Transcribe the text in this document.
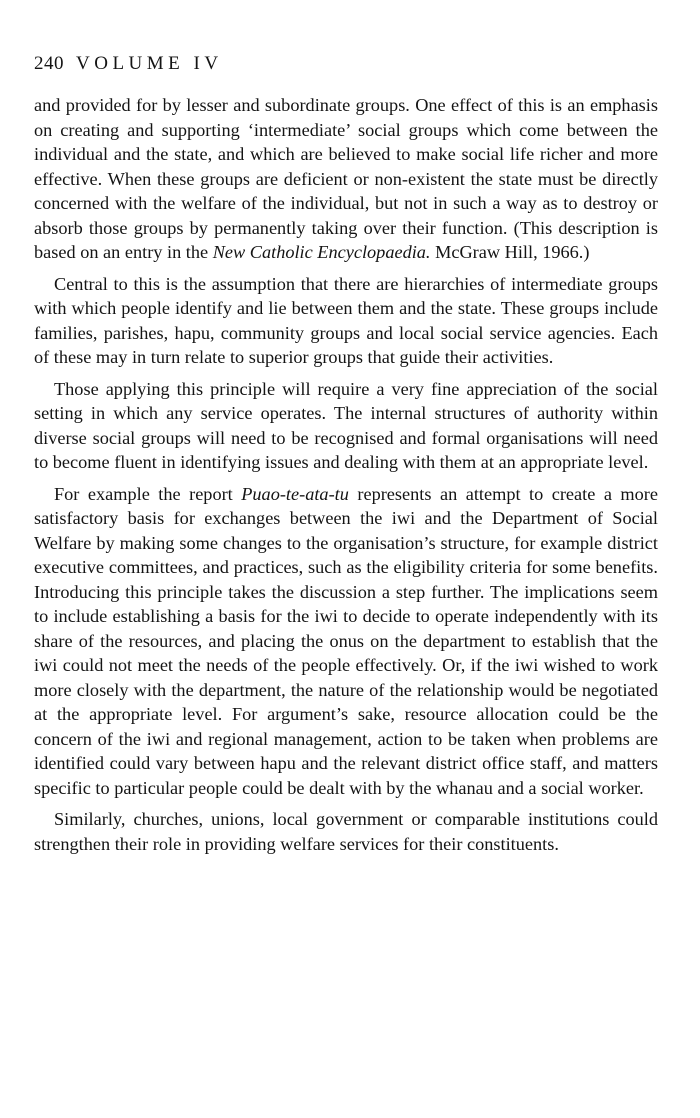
240 VOLUME IV

and provided for by lesser and subordinate groups. One effect of this is an emphasis on creating and supporting ‘intermediate’ social groups which come between the individual and the state, and which are believed to make social life richer and more effective. When these groups are deficient or non-existent the state must be directly concerned with the welfare of the individual, but not in such a way as to destroy or absorb those groups by permanently taking over their function. (This description is based on an entry in the New Catholic Encyclopaedia. McGraw Hill, 1966.)

Central to this is the assumption that there are hierarchies of intermediate groups with which people identify and lie between them and the state. These groups include families, parishes, hapu, community groups and local social service agencies. Each of these may in turn relate to superior groups that guide their activities.

Those applying this principle will require a very fine appreciation of the social setting in which any service operates. The internal structures of authority within diverse social groups will need to be recognised and formal organisations will need to become fluent in identifying issues and dealing with them at an appropriate level.

For example the report Puao-te-ata-tu represents an attempt to create a more satisfactory basis for exchanges between the iwi and the Department of Social Welfare by making some changes to the organisation’s structure, for example district executive committees, and practices, such as the eligibility criteria for some benefits. Introducing this principle takes the discussion a step further. The implications seem to include establishing a basis for the iwi to decide to operate independently with its share of the resources, and placing the onus on the department to establish that the iwi could not meet the needs of the people effectively. Or, if the iwi wished to work more closely with the department, the nature of the relationship would be negotiated at the appropriate level. For argument’s sake, resource allocation could be the concern of the iwi and regional management, action to be taken when problems are identified could vary between hapu and the relevant district office staff, and matters specific to particular people could be dealt with by the whanau and a social worker.

Similarly, churches, unions, local government or comparable institutions could strengthen their role in providing welfare services for their constituents.
